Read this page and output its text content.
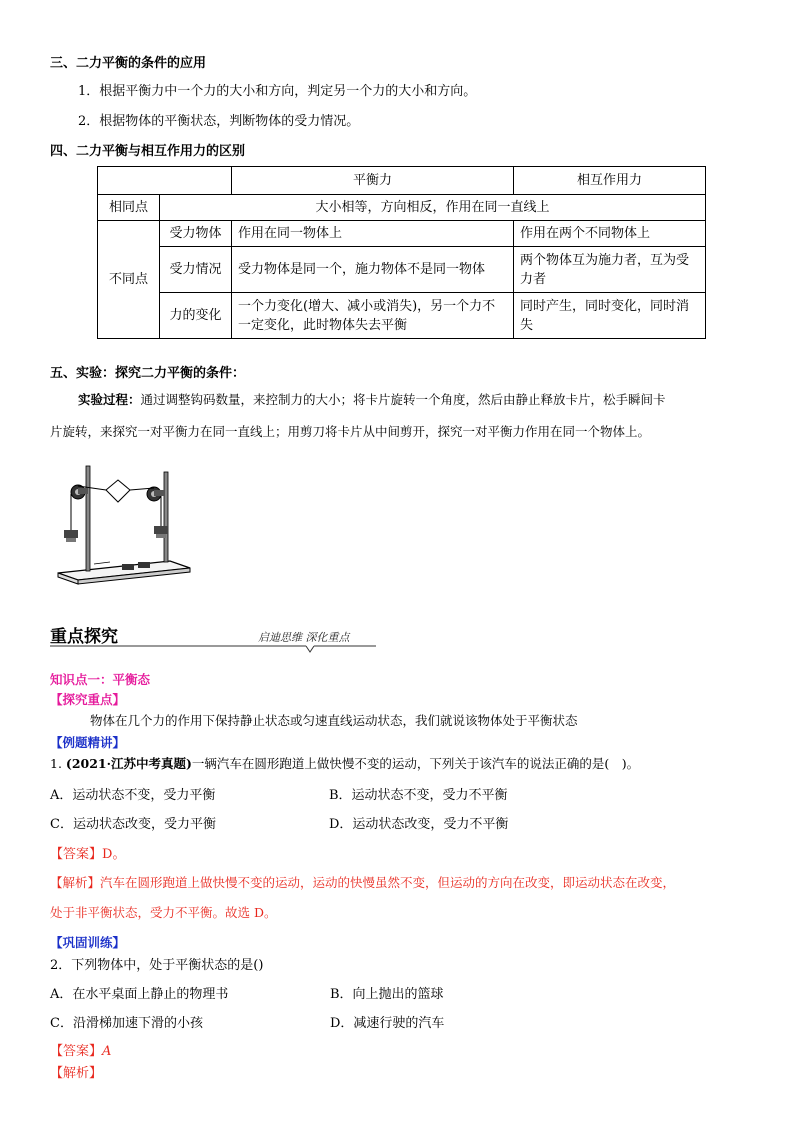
三、二力平衡的条件的应用
1．根据平衡力中一个力的大小和方向，判定另一个力的大小和方向。
2．根据物体的平衡状态，判断物体的受力情况。
四、二力平衡与相互作用力的区别
		平衡力	相互作用力
相同点	大小相等，方向相反，作用在同一直线上		
不同点	受力物体	作用在同一物体上	作用在两个不同物体上
	受力情况	受力物体是同一个，施力物体不是同一物体	两个物体互为施力者，互为受力者
	力的变化	一个力变化(增大、减小或消失)，另一个力不一定变化，此时物体失去平衡	同时产生，同时变化，同时消失
五、实验：探究二力平衡的条件：
实验过程：通过调整钩码数量，来控制力的大小；将卡片旋转一个角度，然后由静止释放卡片，松手瞬间卡
片旋转，来探究一对平衡力在同一直线上；用剪刀将卡片从中间剪开，探究一对平衡力作用在同一个物体上。
重点探究	启迪思维 深化重点
知识点一：平衡态
【探究重点】
物体在几个力的作用下保持静止状态或匀速直线运动状态，我们就说该物体处于平衡状态
【例题精讲】
1. (2021·江苏中考真题)一辆汽车在圆形跑道上做快慢不变的运动，下列关于该汽车的说法正确的是(　)。
A．运动状态不变，受力平衡	B．运动状态不变，受力不平衡
C．运动状态改变，受力平衡	D．运动状态改变，受力不平衡
【答案】D。
【解析】汽车在圆形跑道上做快慢不变的运动，运动的快慢虽然不变，但运动的方向在改变，即运动状态在改变，
处于非平衡状态，受力不平衡。故选 D。
【巩固训练】
2．下列物体中，处于平衡状态的是()
A．在水平桌面上静止的物理书	B．向上抛出的篮球
C．沿滑梯加速下滑的小孩	D．减速行驶的汽车
【答案】A
【解析】
